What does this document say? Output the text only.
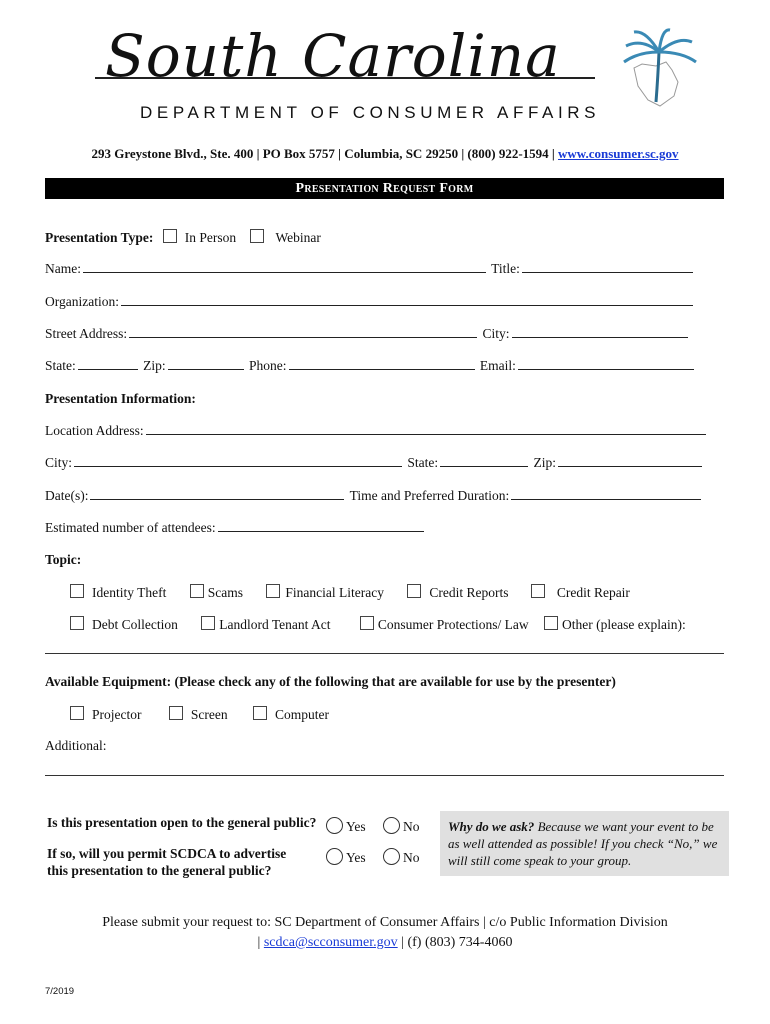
South Carolina
DEPARTMENT OF CONSUMER AFFAIRS
293 Greystone Blvd., Ste. 400 | PO Box 5757 | Columbia, SC 29250 | (800) 922-1594 | www.consumer.sc.gov
Presentation Request Form
Presentation Type: In Person	Webinar
Name:	Title:
Organization:
Street Address:	City:
State:	Zip:	Phone:	Email:
Presentation Information:
Location Address:
City:	State:	Zip:
Date(s):	Time and Preferred Duration:
Estimated number of attendees:
Topic:
Identity Theft	Scams	Financial Literacy	Credit Reports	Credit Repair
Debt Collection	Landlord Tenant Act	Consumer Protections/ Law Other (please explain):
Available Equipment: (Please check any of the following that are available for use by the presenter)
Projector	Screen	Computer
Additional:
Is this presentation open to the general public?	Yes	No
If so, will you permit SCDCA to advertise
this presentation to the general public?
Yes	No
Why do we ask? Because we want your event to be as well attended as possible! If you check “No,” we will still come speak to your group.
Please submit your request to: SC Department of Consumer Affairs | c/o Public Information Division
| scdca@scconsumer.gov | (f) (803) 734-4060
7/2019
